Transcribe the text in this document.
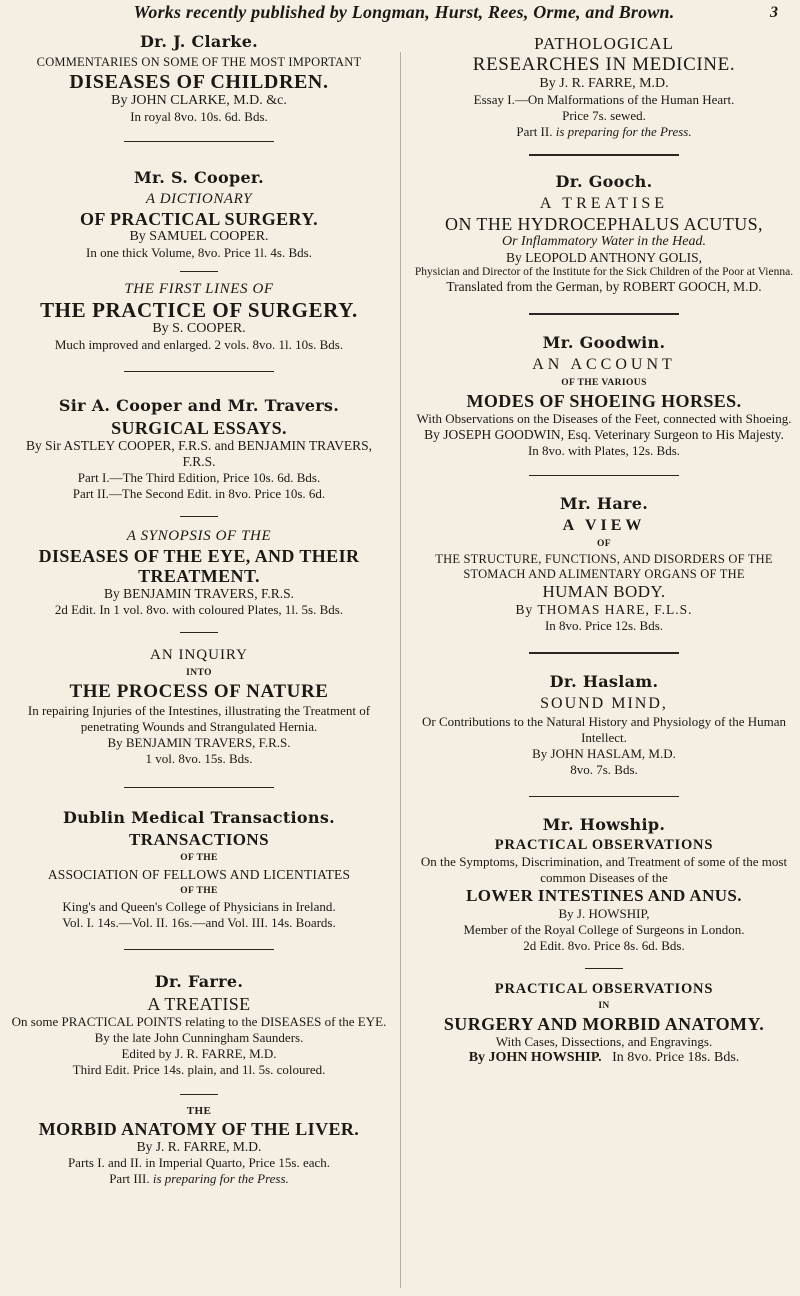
Works recently published by Longman, Hurst, Rees, Orme, and Brown.	3

Dr. J. Clarke.

COMMENTARIES ON SOME OF THE MOST IMPORTANT

DISEASES OF CHILDREN.

By JOHN CLARKE, M.D. &c.

In royal 8vo. 10s. 6d. Bds.

Mr. S. Cooper.

A DICTIONARY

OF PRACTICAL SURGERY.

By SAMUEL COOPER.

In one thick Volume, 8vo. Price 1l. 4s. Bds.

THE FIRST LINES OF

THE PRACTICE OF SURGERY.

By S. COOPER.

Much improved and enlarged. 2 vols. 8vo. 1l. 10s. Bds.

Sir A. Cooper and Mr. Travers.

SURGICAL ESSAYS.

By Sir ASTLEY COOPER, F.R.S. and BENJAMIN TRAVERS, F.R.S.

Part I.—The Third Edition, Price 10s. 6d. Bds.

Part II.—The Second Edit. in 8vo. Price 10s. 6d.

A SYNOPSIS OF THE

DISEASES OF THE EYE, AND THEIR TREATMENT.

By BENJAMIN TRAVERS, F.R.S.

2d Edit. In 1 vol. 8vo. with coloured Plates, 1l. 5s. Bds.

AN INQUIRY

INTO

THE PROCESS OF NATURE

In repairing Injuries of the Intestines, illustrating the Treatment of penetrating Wounds and Strangulated Hernia.

By BENJAMIN TRAVERS, F.R.S.

1 vol. 8vo. 15s. Bds.

Dublin Medical Transactions.

TRANSACTIONS

OF THE

ASSOCIATION OF FELLOWS AND LICENTIATES

OF THE

King's and Queen's College of Physicians in Ireland.

Vol. I. 14s.—Vol. II. 16s.—and Vol. III. 14s. Boards.

Dr. Farre.

A TREATISE

On some PRACTICAL POINTS relating to the DISEASES of the EYE.

By the late John Cunningham Saunders.

Edited by J. R. FARRE, M.D.

Third Edit. Price 14s. plain, and 1l. 5s. coloured.

THE

MORBID ANATOMY OF THE LIVER.

By J. R. FARRE, M.D.

Parts I. and II. in Imperial Quarto, Price 15s. each.

Part III. is preparing for the Press.

PATHOLOGICAL

RESEARCHES IN MEDICINE.

By J. R. FARRE, M.D.

Essay I.—On Malformations of the Human Heart.

Price 7s. sewed.

Part II. is preparing for the Press.

Dr. Gooch.

A TREATISE

ON THE HYDROCEPHALUS ACUTUS,

Or Inflammatory Water in the Head.

By LEOPOLD ANTHONY GOLIS,

Physician and Director of the Institute for the Sick Children of the Poor at Vienna.

Translated from the German, by ROBERT GOOCH, M.D.

Mr. Goodwin.

AN ACCOUNT

OF THE VARIOUS

MODES OF SHOEING HORSES.

With Observations on the Diseases of the Feet, connected with Shoeing.

By JOSEPH GOODWIN, Esq. Veterinary Surgeon to His Majesty.

In 8vo. with Plates, 12s. Bds.

Mr. Hare.

A VIEW

OF

THE STRUCTURE, FUNCTIONS, AND DISORDERS OF THE STOMACH AND ALIMENTARY ORGANS OF THE

HUMAN BODY.

By THOMAS HARE, F.L.S.

In 8vo. Price 12s. Bds.

Dr. Haslam.

SOUND MIND,

Or Contributions to the Natural History and Physiology of the Human Intellect.

By JOHN HASLAM, M.D.

8vo. 7s. Bds.

Mr. Howship.

PRACTICAL OBSERVATIONS

On the Symptoms, Discrimination, and Treatment of some of the most common Diseases of the

LOWER INTESTINES AND ANUS.

By J. HOWSHIP,

Member of the Royal College of Surgeons in London.

2d Edit. 8vo. Price 8s. 6d. Bds.

PRACTICAL OBSERVATIONS

IN

SURGERY AND MORBID ANATOMY.

With Cases, Dissections, and Engravings.

By JOHN HOWSHIP. In 8vo. Price 18s. Bds.
